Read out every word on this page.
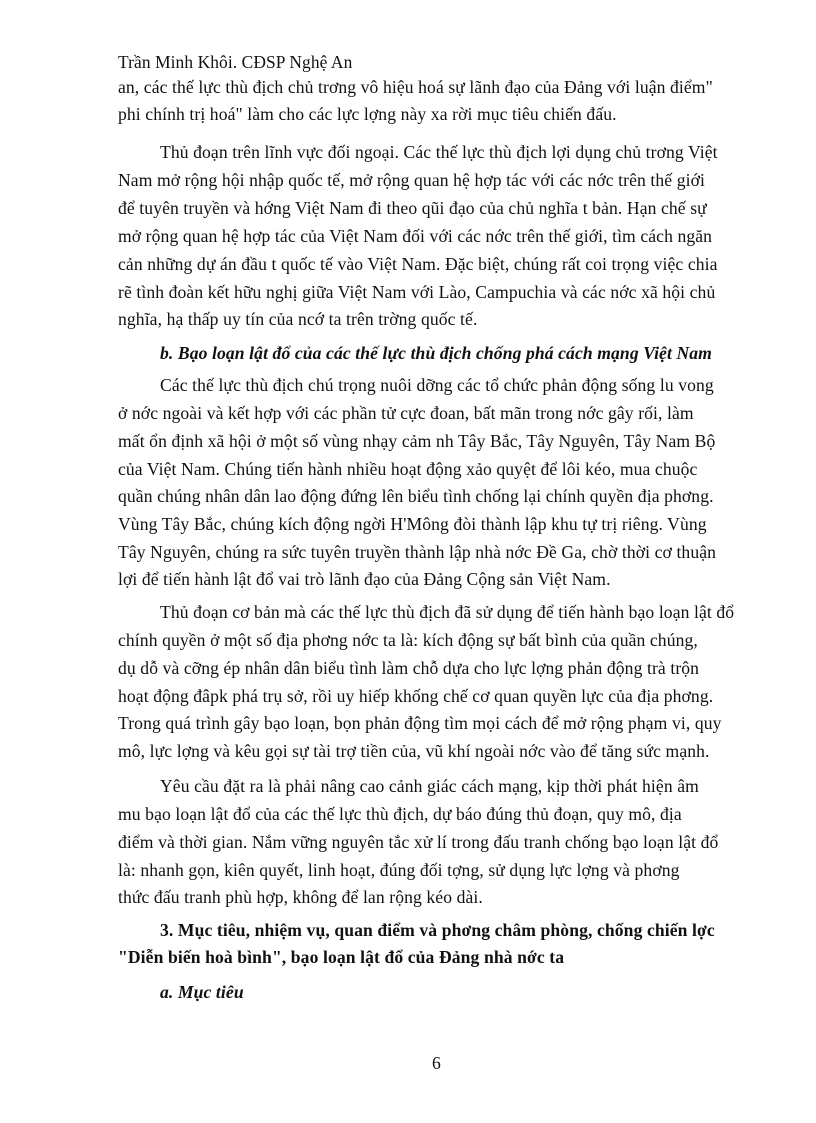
Trần Minh Khôi. CĐSP Nghệ An
an, các thế lực thù địch chủ trơng vô hiệu hoá sự lãnh đạo của Đảng với luận điểm"
phi chính trị hoá" làm cho các lực lợng này xa rời mục tiêu chiến đấu.
Thủ đoạn trên lĩnh vực đối ngoại. Các thế lực thù địch lợi dụng chủ trơng Việt
Nam mở rộng hội nhập quốc tế, mở rộng quan hệ hợp tác với các nớc trên thế giới
để tuyên truyền và hớng Việt Nam đi theo qũi đạo của chủ nghĩa t bản. Hạn chế sự
mở rộng quan hệ hợp tác của Việt Nam đối với các nớc trên thế giới, tìm cách ngăn
cản những dự án đầu t quốc tế vào Việt Nam. Đặc biệt, chúng rất coi trọng việc chia
rẽ tình đoàn kết hữu nghị giữa Việt Nam với Lào, Campuchia và các nớc xã hội chủ
nghĩa, hạ thấp uy tín của ncớ ta trên trờng quốc tế.
b. Bạo loạn lật đổ của các thế lực thù địch chống phá cách mạng Việt Nam
Các thế lực thù địch chú trọng nuôi dỡng các tổ chức phản động sống lu vong
ở nớc ngoài và kết hợp với các phần tử cực đoan, bất mãn trong nớc gây rối, làm
mất ổn định xã hội ở một số vùng nhạy cảm nh Tây Bắc, Tây Nguyên, Tây Nam Bộ
của Việt Nam. Chúng tiến hành nhiều hoạt động xảo quyệt để lôi kéo, mua chuộc
quần chúng nhân dân lao động đứng lên biểu tình chống lại chính quyền địa phơng.
Vùng Tây Bắc, chúng kích động ngời H'Mông đòi thành lập khu tự trị riêng. Vùng
Tây Nguyên, chúng ra sức tuyên truyền thành lập nhà nớc Đề Ga, chờ thời cơ thuận
lợi để tiến hành lật đổ vai trò lãnh đạo của Đảng Cộng sản Việt Nam.
Thủ đoạn cơ bản mà các thế lực thù địch đã sử dụng để tiến hành bạo loạn lật đổ
chính quyền ở một số địa phơng nớc ta là: kích động sự bất bình của quần chúng,
dụ dỗ và cỡng ép nhân dân biểu tình làm chỗ dựa cho lực lợng phản động trà trộn
hoạt động đâpk phá trụ sở, rồi uy hiếp khống chế cơ quan quyền lực của địa phơng.
Trong quá trình gây bạo loạn, bọn phản động tìm mọi cách để mở rộng phạm vi, quy
mô, lực lợng và kêu gọi sự tài trợ tiền của, vũ khí ngoài nớc vào để tăng sức mạnh.
Yêu cầu đặt ra là phải nâng cao cảnh giác cách mạng, kịp thời phát hiện âm
mu bạo loạn lật đổ của các thế lực thù địch, dự báo đúng thủ đoạn, quy mô, địa
điểm và thời gian. Nắm vững nguyên tắc xử lí trong đấu tranh chống bạo loạn lật đổ
là: nhanh gọn, kiên quyết, linh hoạt, đúng đối tợng, sử dụng lực lợng và phơng
thức đấu tranh phù hợp, không để lan rộng kéo dài.
3. Mục tiêu, nhiệm vụ, quan điểm và phơng châm phòng, chống chiến lợc
"Diễn biến hoà bình", bạo loạn lật đổ của Đảng nhà nớc ta
a. Mục tiêu
6
